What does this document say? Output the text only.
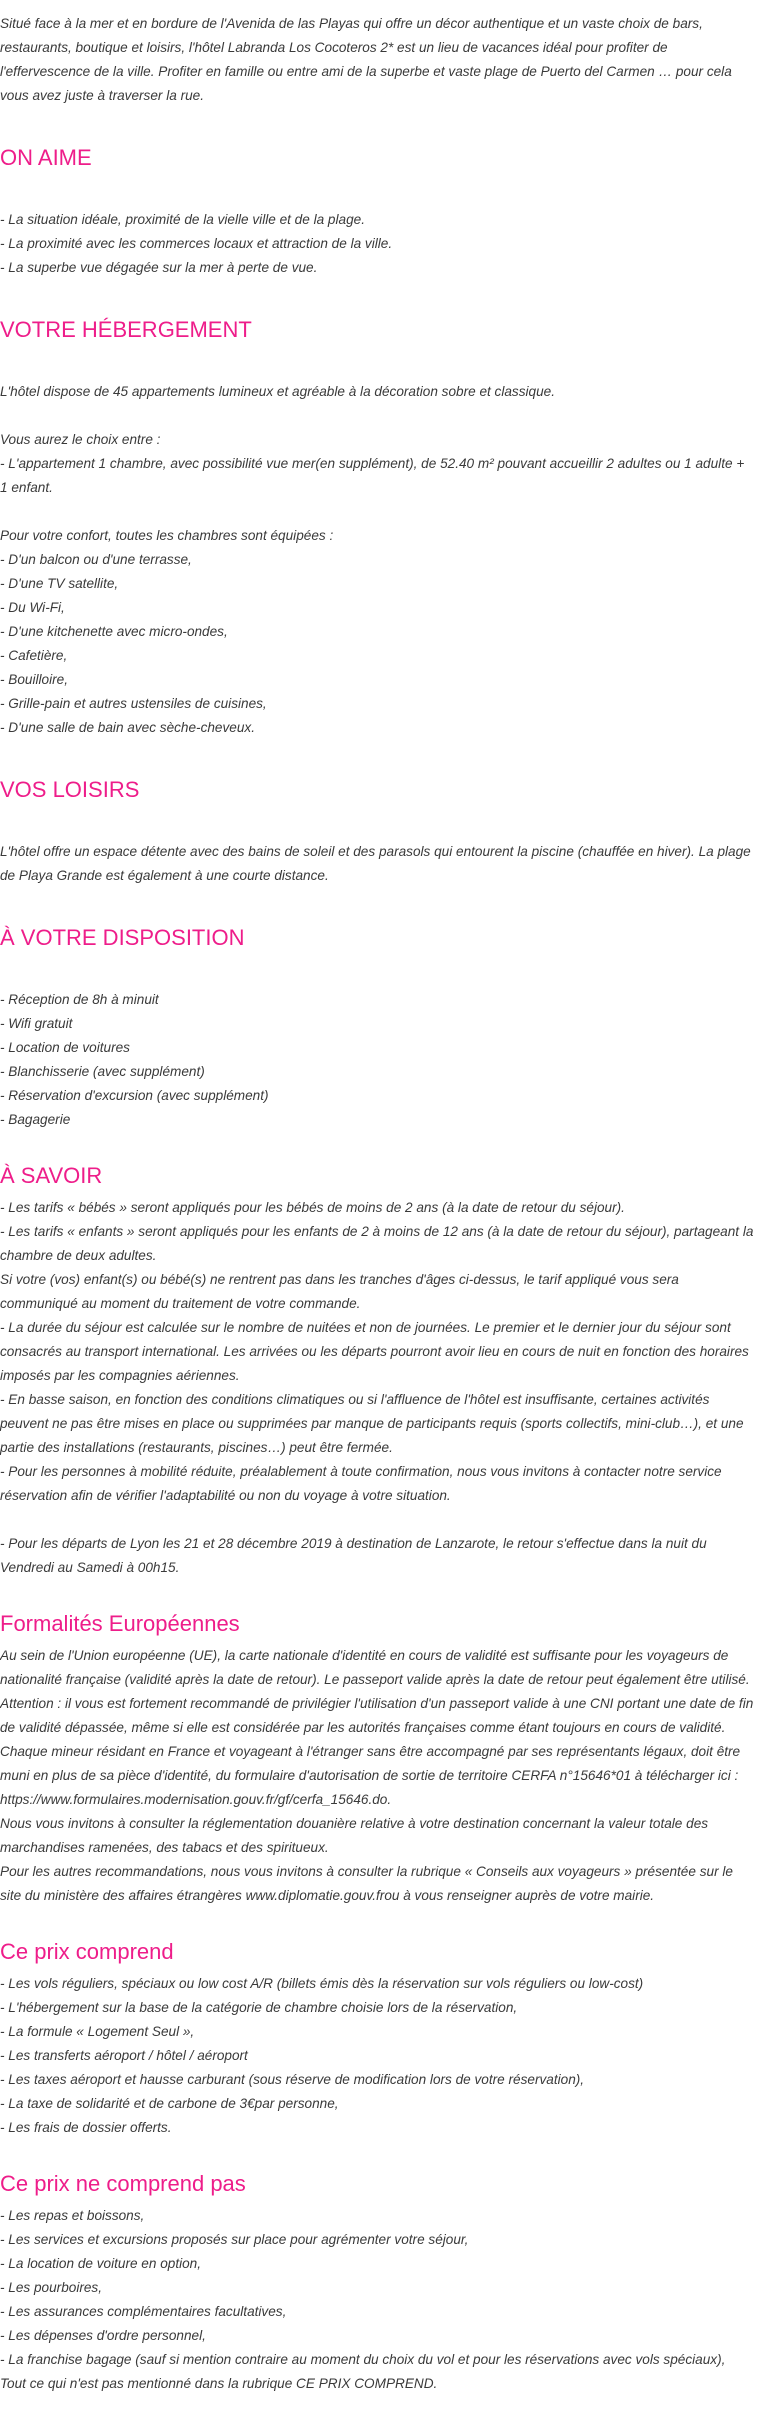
Situé face à la mer et en bordure de l'Avenida de las Playas qui offre un décor authentique et un vaste choix de bars, restaurants, boutique et loisirs, l'hôtel Labranda Los Cocoteros 2* est un lieu de vacances idéal pour profiter de l'effervescence de la ville. Profiter en famille ou entre ami de la superbe et vaste plage de Puerto del Carmen … pour cela vous avez juste à traverser la rue.

ON AIME

- La situation idéale, proximité de la vielle ville et de la plage.

- La proximité avec les commerces locaux et attraction de la ville.

- La superbe vue dégagée sur la mer à perte de vue.

VOTRE HÉBERGEMENT

L'hôtel dispose de 45 appartements lumineux et agréable à la décoration sobre et classique.

Vous aurez le choix entre :

- L'appartement 1 chambre, avec possibilité vue mer(en supplément), de 52.40 m² pouvant accueillir 2 adultes ou 1 adulte + 1 enfant.

Pour votre confort, toutes les chambres sont équipées :

- D'un balcon ou d'une terrasse,

- D'une TV satellite,

- Du Wi-Fi,

- D'une kitchenette avec micro-ondes,

- Cafetière,

- Bouilloire,

- Grille-pain et autres ustensiles de cuisines,

- D'une salle de bain avec sèche-cheveux.

VOS LOISIRS

L'hôtel offre un espace détente avec des bains de soleil et des parasols qui entourent la piscine (chauffée en hiver). La plage de Playa Grande est également à une courte distance.

À VOTRE DISPOSITION

- Réception de 8h à minuit

- Wifi gratuit

- Location de voitures

- Blanchisserie (avec supplément)

- Réservation d'excursion (avec supplément)

- Bagagerie

À SAVOIR

- Les tarifs « bébés » seront appliqués pour les bébés de moins de 2 ans (à la date de retour du séjour).

- Les tarifs « enfants » seront appliqués pour les enfants de 2 à moins de 12 ans (à la date de retour du séjour), partageant la chambre de deux adultes.

Si votre (vos) enfant(s) ou bébé(s) ne rentrent pas dans les tranches d'âges ci-dessus, le tarif appliqué vous sera communiqué au moment du traitement de votre commande.

- La durée du séjour est calculée sur le nombre de nuitées et non de journées. Le premier et le dernier jour du séjour sont consacrés au transport international. Les arrivées ou les départs pourront avoir lieu en cours de nuit en fonction des horaires imposés par les compagnies aériennes.

- En basse saison, en fonction des conditions climatiques ou si l'affluence de l'hôtel est insuffisante, certaines activités peuvent ne pas être mises en place ou supprimées par manque de participants requis (sports collectifs, mini-club…), et une partie des installations (restaurants, piscines…) peut être fermée.

- Pour les personnes à mobilité réduite, préalablement à toute confirmation, nous vous invitons à contacter notre service réservation afin de vérifier l'adaptabilité ou non du voyage à votre situation.

- Pour les départs de Lyon les 21 et 28 décembre 2019 à destination de Lanzarote, le retour s'effectue dans la nuit du Vendredi au Samedi à 00h15.

Formalités Européennes

Au sein de l'Union européenne (UE), la carte nationale d'identité en cours de validité est suffisante pour les voyageurs de nationalité française (validité après la date de retour). Le passeport valide après la date de retour peut également être utilisé. Attention : il vous est fortement recommandé de privilégier l'utilisation d'un passeport valide à une CNI portant une date de fin de validité dépassée, même si elle est considérée par les autorités françaises comme étant toujours en cours de validité. Chaque mineur résidant en France et voyageant à l'étranger sans être accompagné par ses représentants légaux, doit être muni en plus de sa pièce d'identité, du formulaire d'autorisation de sortie de territoire CERFA n°15646*01 à télécharger ici :

https://www.formulaires.modernisation.gouv.fr/gf/cerfa_15646.do.

Nous vous invitons à consulter la réglementation douanière relative à votre destination concernant la valeur totale des marchandises ramenées, des tabacs et des spiritueux.

Pour les autres recommandations, nous vous invitons à consulter la rubrique « Conseils aux voyageurs » présentée sur le site du ministère des affaires étrangères www.diplomatie.gouv.frou à vous renseigner auprès de votre mairie.

Ce prix comprend

- Les vols réguliers, spéciaux ou low cost A/R (billets émis dès la réservation sur vols réguliers ou low-cost)

- L'hébergement sur la base de la catégorie de chambre choisie lors de la réservation,

- La formule « Logement Seul »,

- Les transferts aéroport / hôtel / aéroport

- Les taxes aéroport et hausse carburant (sous réserve de modification lors de votre réservation),

- La taxe de solidarité et de carbone de 3€par personne,

- Les frais de dossier offerts.

Ce prix ne comprend pas

- Les repas et boissons,

- Les services et excursions proposés sur place pour agrémenter votre séjour,

- La location de voiture en option,

- Les pourboires,

- Les assurances complémentaires facultatives,

- Les dépenses d'ordre personnel,

- La franchise bagage (sauf si mention contraire au moment du choix du vol et pour les réservations avec vols spéciaux),

Tout ce qui n'est pas mentionné dans la rubrique CE PRIX COMPREND.
